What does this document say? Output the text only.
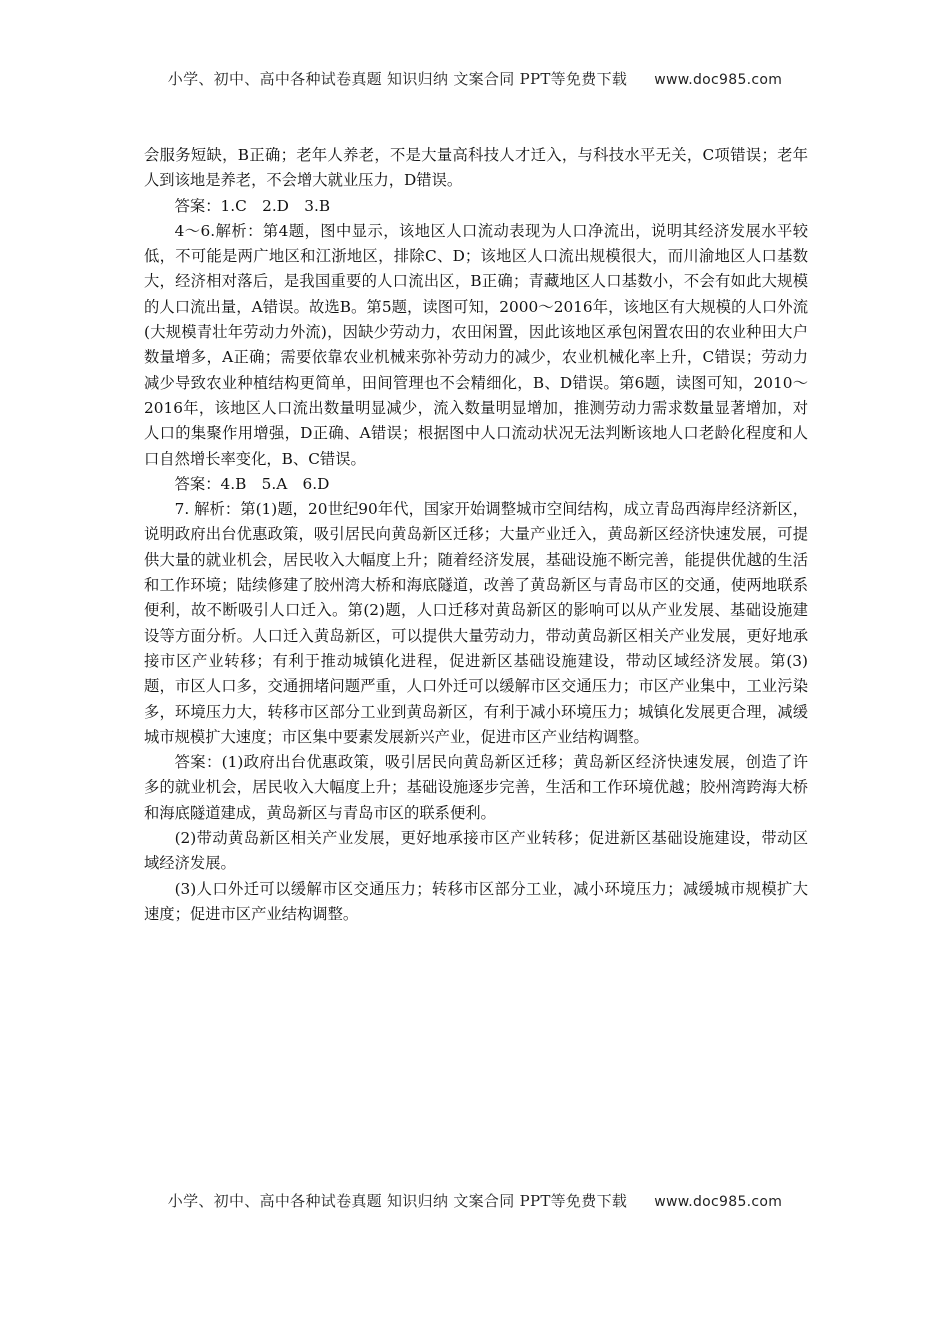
小学、初中、高中各种试卷真题 知识归纳 文案合同 PPT等免费下载 www.doc985.com

会服务短缺，B正确；老年人养老，不是大量高科技人才迁入，与科技水平无关，C项错误；老年人到该地是养老，不会增大就业压力，D错误。

答案：1.C　2.D　3.B

4～6.解析：第4题，图中显示，该地区人口流动表现为人口净流出，说明其经济发展水平较低，不可能是两广地区和江浙地区，排除C、D；该地区人口流出规模很大，而川渝地区人口基数大，经济相对落后，是我国重要的人口流出区，B正确；青藏地区人口基数小，不会有如此大规模的人口流出量，A错误。故选B。第5题，读图可知，2000～2016年，该地区有大规模的人口外流(大规模青壮年劳动力外流)，因缺少劳动力，农田闲置，因此该地区承包闲置农田的农业种田大户数量增多，A正确；需要依靠农业机械来弥补劳动力的减少，农业机械化率上升，C错误；劳动力减少导致农业种植结构更简单，田间管理也不会精细化，B、D错误。第6题，读图可知，2010～2016年，该地区人口流出数量明显减少，流入数量明显增加，推测劳动力需求数量显著增加，对人口的集聚作用增强，D正确、A错误；根据图中人口流动状况无法判断该地人口老龄化程度和人口自然增长率变化，B、C错误。

答案：4.B　5.A　6.D

7. 解析：第(1)题，20世纪90年代，国家开始调整城市空间结构，成立青岛西海岸经济新区，说明政府出台优惠政策，吸引居民向黄岛新区迁移；大量产业迁入，黄岛新区经济快速发展，可提供大量的就业机会，居民收入大幅度上升；随着经济发展，基础设施不断完善，能提供优越的生活和工作环境；陆续修建了胶州湾大桥和海底隧道，改善了黄岛新区与青岛市区的交通，使两地联系便利，故不断吸引人口迁入。第(2)题，人口迁移对黄岛新区的影响可以从产业发展、基础设施建设等方面分析。人口迁入黄岛新区，可以提供大量劳动力，带动黄岛新区相关产业发展，更好地承接市区产业转移；有利于推动城镇化进程，促进新区基础设施建设，带动区域经济发展。第(3)题，市区人口多，交通拥堵问题严重，人口外迁可以缓解市区交通压力；市区产业集中，工业污染多，环境压力大，转移市区部分工业到黄岛新区，有利于减小环境压力；城镇化发展更合理，减缓城市规模扩大速度；市区集中要素发展新兴产业，促进市区产业结构调整。

答案：(1)政府出台优惠政策，吸引居民向黄岛新区迁移；黄岛新区经济快速发展，创造了许多的就业机会，居民收入大幅度上升；基础设施逐步完善，生活和工作环境优越；胶州湾跨海大桥和海底隧道建成，黄岛新区与青岛市区的联系便利。

(2)带动黄岛新区相关产业发展，更好地承接市区产业转移；促进新区基础设施建设，带动区域经济发展。

(3)人口外迁可以缓解市区交通压力；转移市区部分工业，减小环境压力；减缓城市规模扩大速度；促进市区产业结构调整。

小学、初中、高中各种试卷真题 知识归纳 文案合同 PPT等免费下载 www.doc985.com
